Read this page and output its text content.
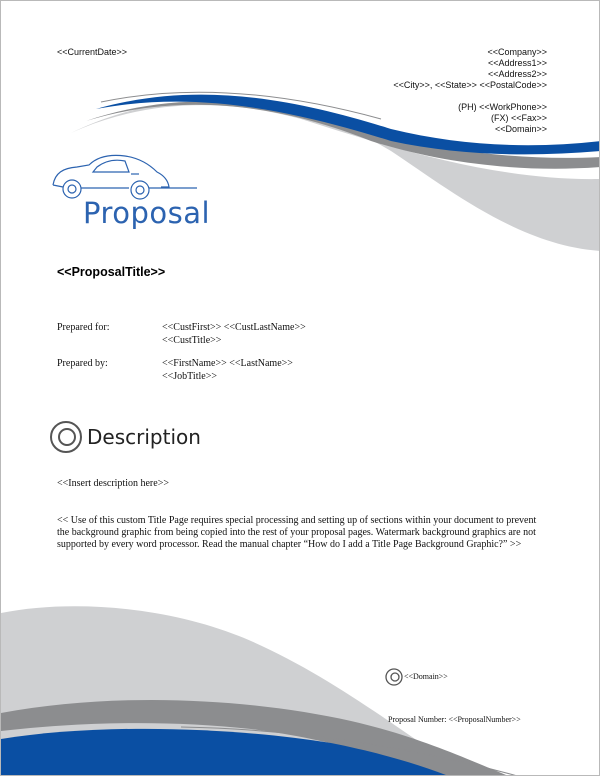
<<CurrentDate>>	<<Company>>
<<Address1>>
<<Address2>>
<<City>>, <<State>> <<PostalCode>>
(PH) <<WorkPhone>>
(FX) <<Fax>>
<<Domain>>
Proposal
<<ProposalTitle>>
Prepared for:	<<CustFirst>> <<CustLastName>>
<<CustTitle>>
Prepared by:	<<FirstName>> <<LastName>>
<<JobTitle>>
Description
<<Insert description here>>
<< Use of this custom Title Page requires special processing and setting up of sections within your document to prevent the background graphic from being copied into the rest of your proposal pages. Watermark background graphics are not supported by every word processor. Read the manual chapter “How do I add a Title Page Background Graphic?” >>
<<Domain>>
Proposal Number: <<ProposalNumber>>
